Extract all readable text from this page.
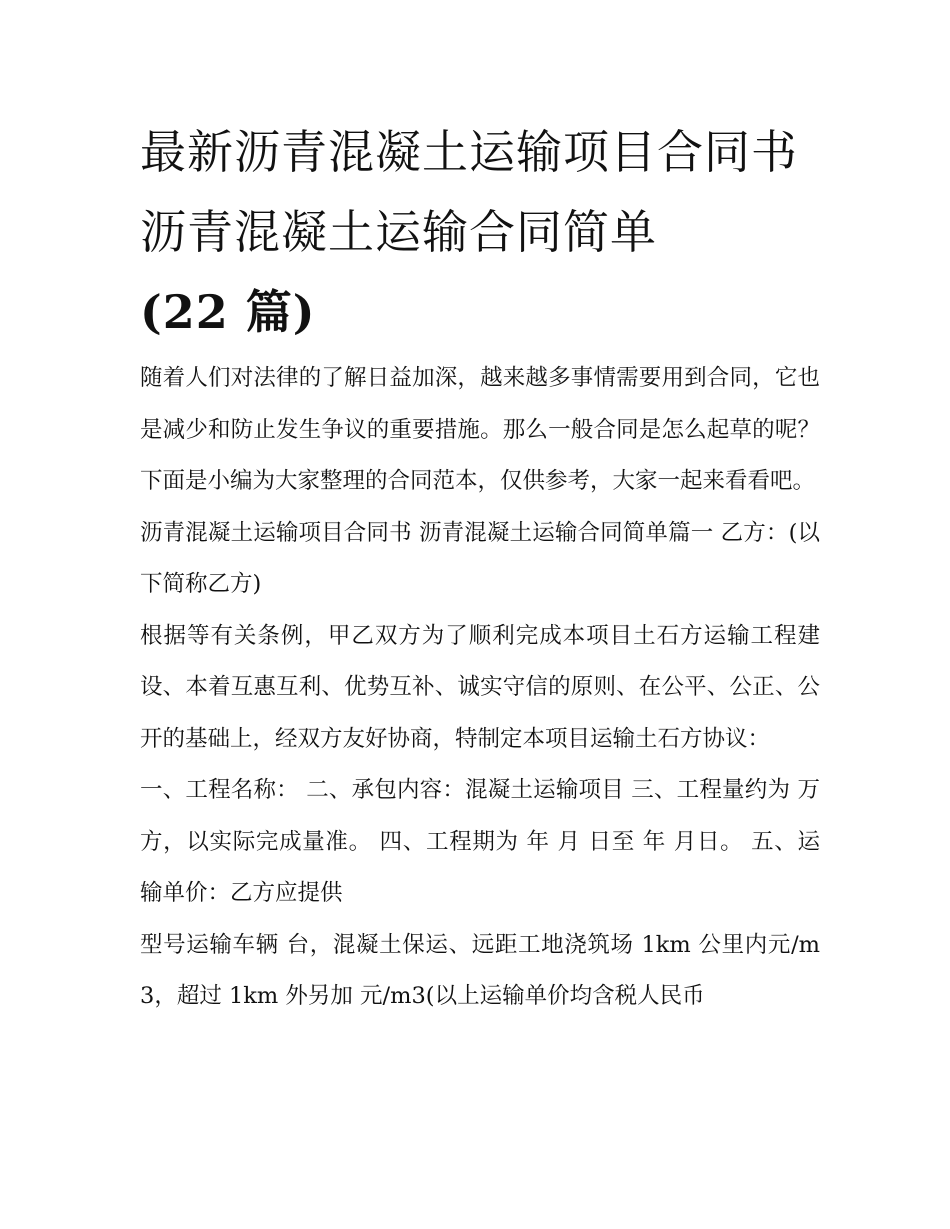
最新沥青混凝土运输项目合同书 沥青混凝土运输合同简单
(22 篇)

随着人们对法律的了解日益加深，越来越多事情需要用到合同，它也是减少和防止发生争议的重要措施。那么一般合同是怎么起草的呢？下面是小编为大家整理的合同范本，仅供参考，大家一起来看看吧。

沥青混凝土运输项目合同书 沥青混凝土运输合同简单篇一 乙方：(以下简称乙方)

根据等有关条例，甲乙双方为了顺利完成本项目土石方运输工程建设、本着互惠互利、优势互补、诚实守信的原则、在公平、公正、公开的基础上，经双方友好协商，特制定本项目运输土石方协议：

一、工程名称： 二、承包内容：混凝土运输项目 三、工程量约为 万方，以实际完成量准。 四、工程期为 年 月 日至 年 月日。 五、运输单价：乙方应提供

型号运输车辆 台，混凝土保运、远距工地浇筑场 1km 公里内元/m3，超过 1km 外另加 元/m3(以上运输单价均含税人民币
